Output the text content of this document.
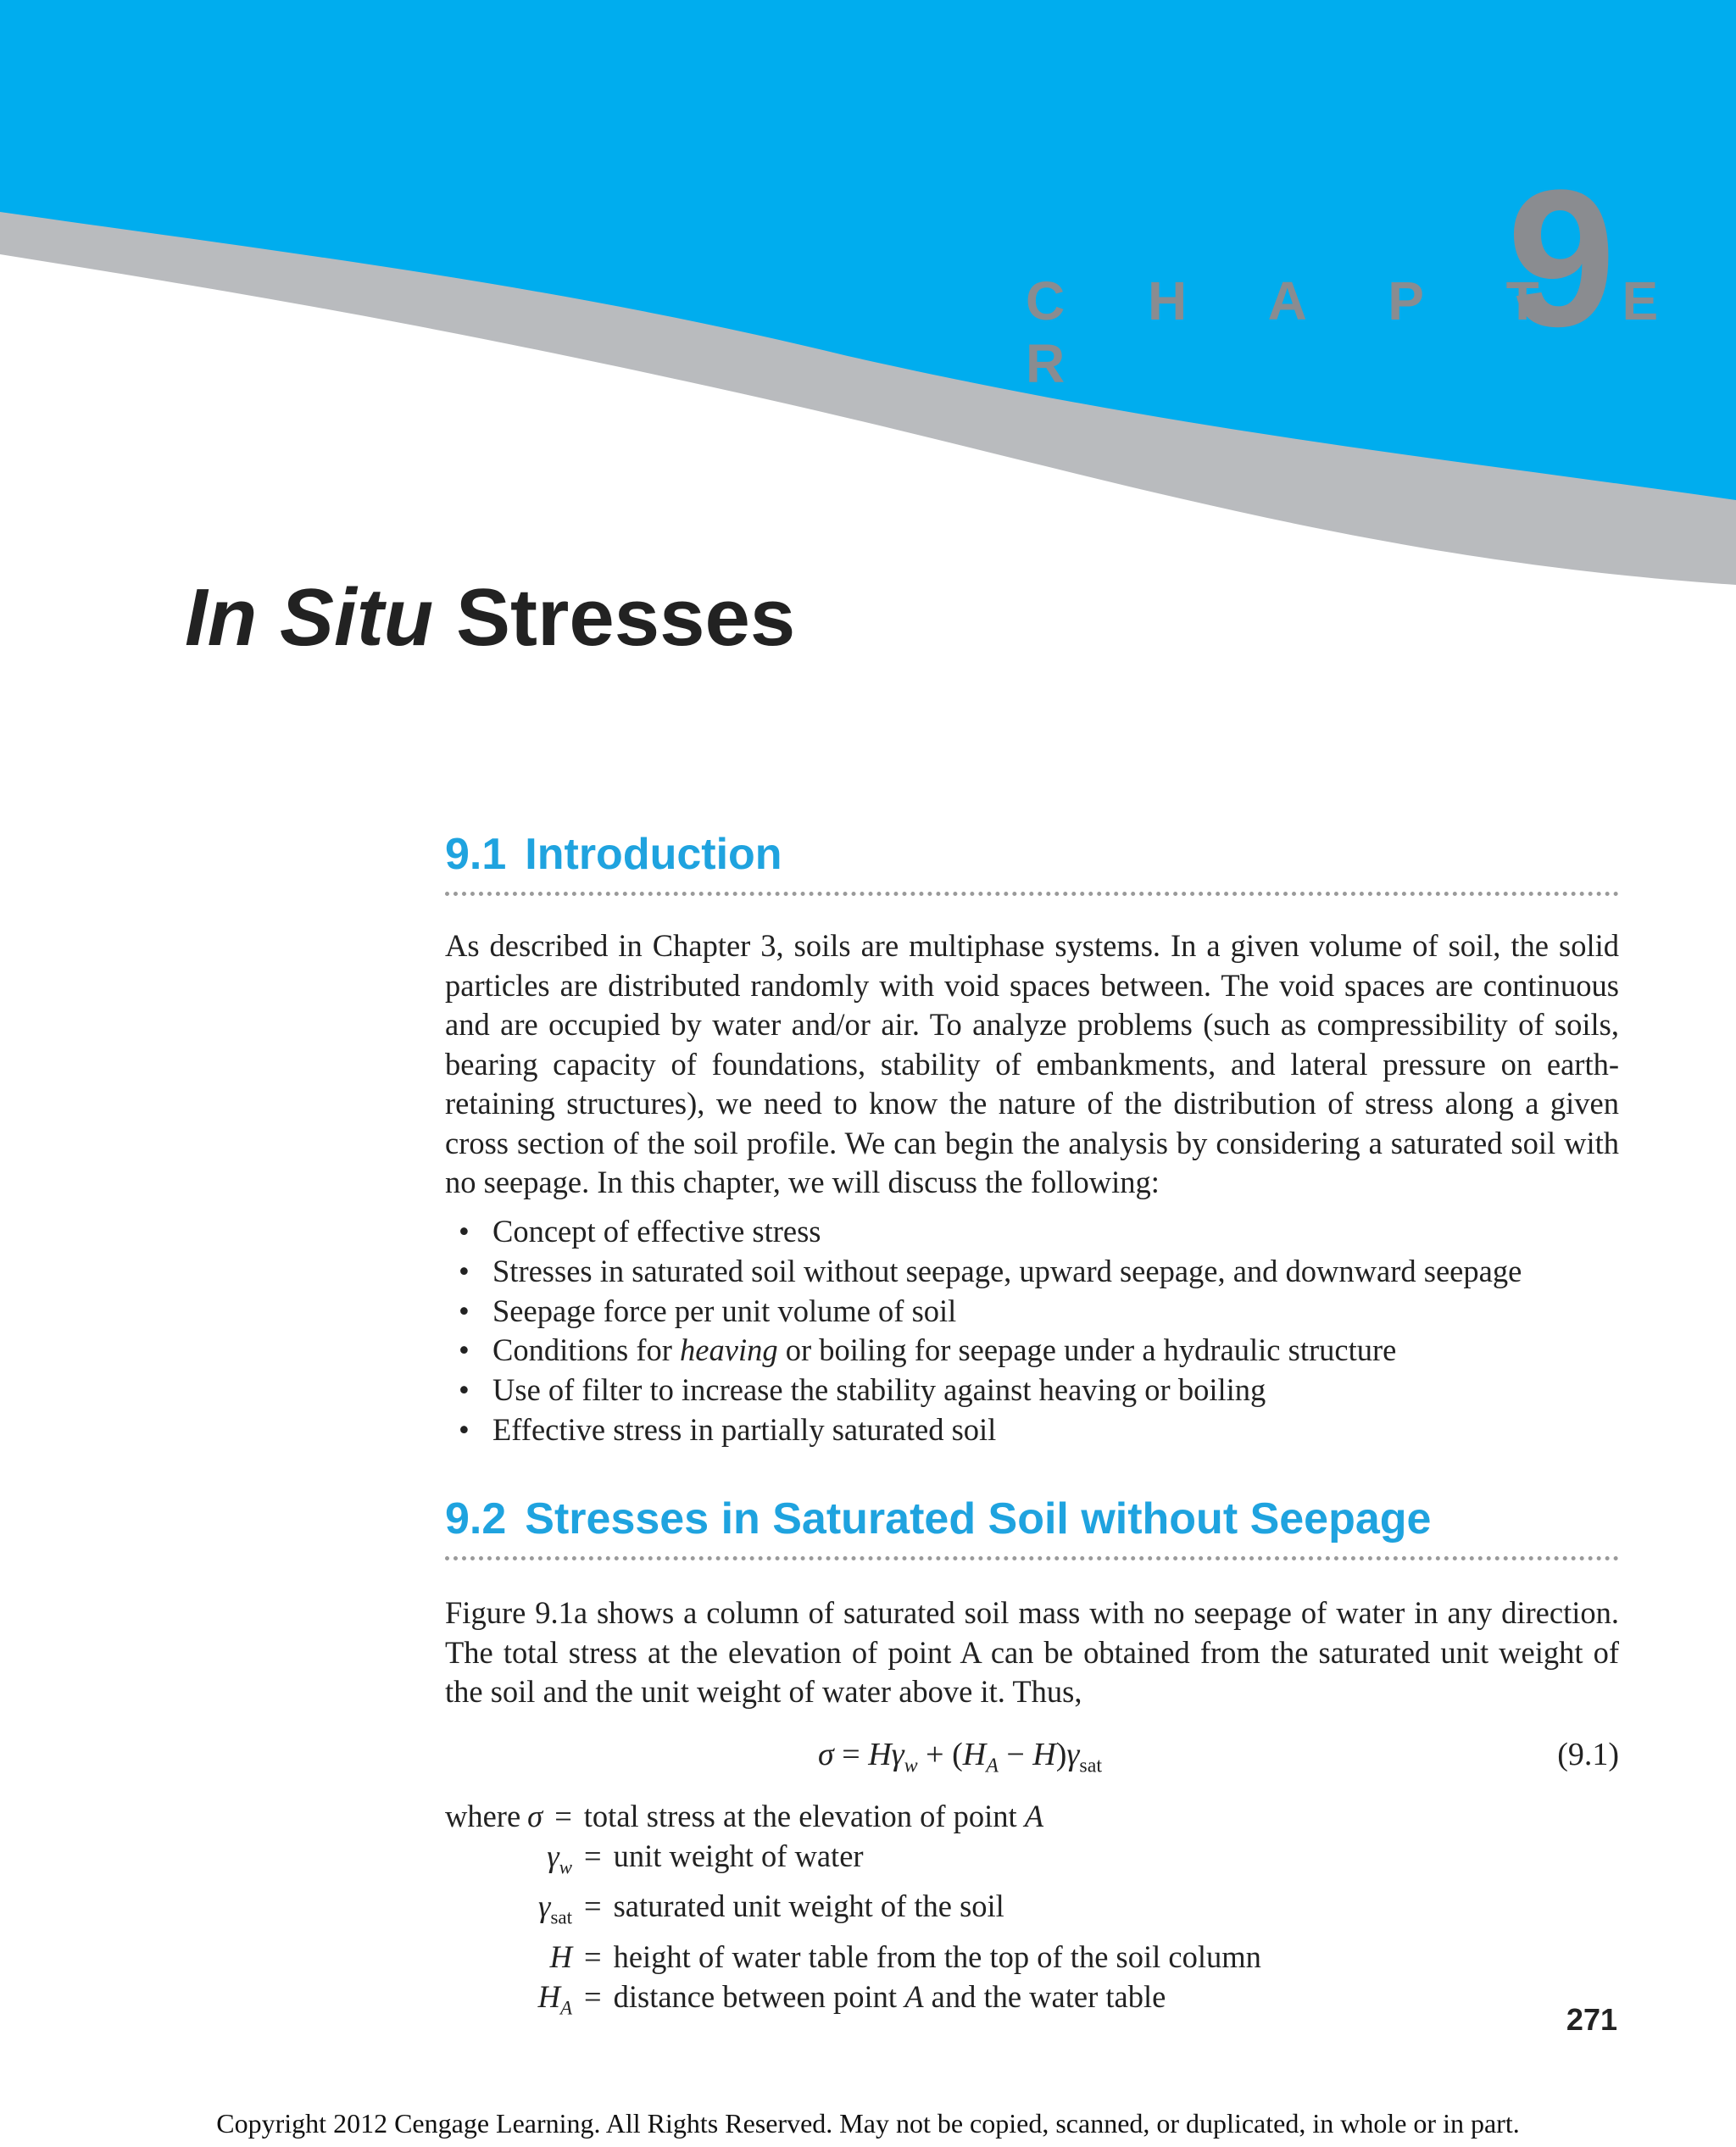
C H A P T E R	9
In Situ Stresses
9.1 Introduction

As described in Chapter 3, soils are multiphase systems. In a given volume of soil, the solid particles are distributed randomly with void spaces between. The void spaces are continuous and are occupied by water and/or air. To analyze problems (such as compressibility of soils, bearing capacity of foundations, stability of embankments, and lateral pressure on earth-retaining structures), we need to know the nature of the distribution of stress along a given cross section of the soil profile. We can begin the analysis by considering a saturated soil with no seepage. In this chapter, we will discuss the following:

• Concept of effective stress
• Stresses in saturated soil without seepage, upward seepage, and downward seepage
• Seepage force per unit volume of soil
• Conditions for heaving or boiling for seepage under a hydraulic structure
• Use of filter to increase the stability against heaving or boiling
• Effective stress in partially saturated soil
9.2 Stresses in Saturated Soil without Seepage

Figure 9.1a shows a column of saturated soil mass with no seepage of water in any direction. The total stress at the elevation of point A can be obtained from the saturated unit weight of the soil and the unit weight of water above it. Thus,

$\sigma = H\gamma_w + (H_A - H)\gamma_{sat}$	(9.1)
where σ = total stress at the elevation of point A
$\gamma_w$ = unit weight of water
$\gamma_{sat}$ = saturated unit weight of the soil
H = height of water table from the top of the soil column
$H_A$ = distance between point A and the water table
271
Copyright 2012 Cengage Learning. All Rights Reserved. May not be copied, scanned, or duplicated, in whole or in part.
